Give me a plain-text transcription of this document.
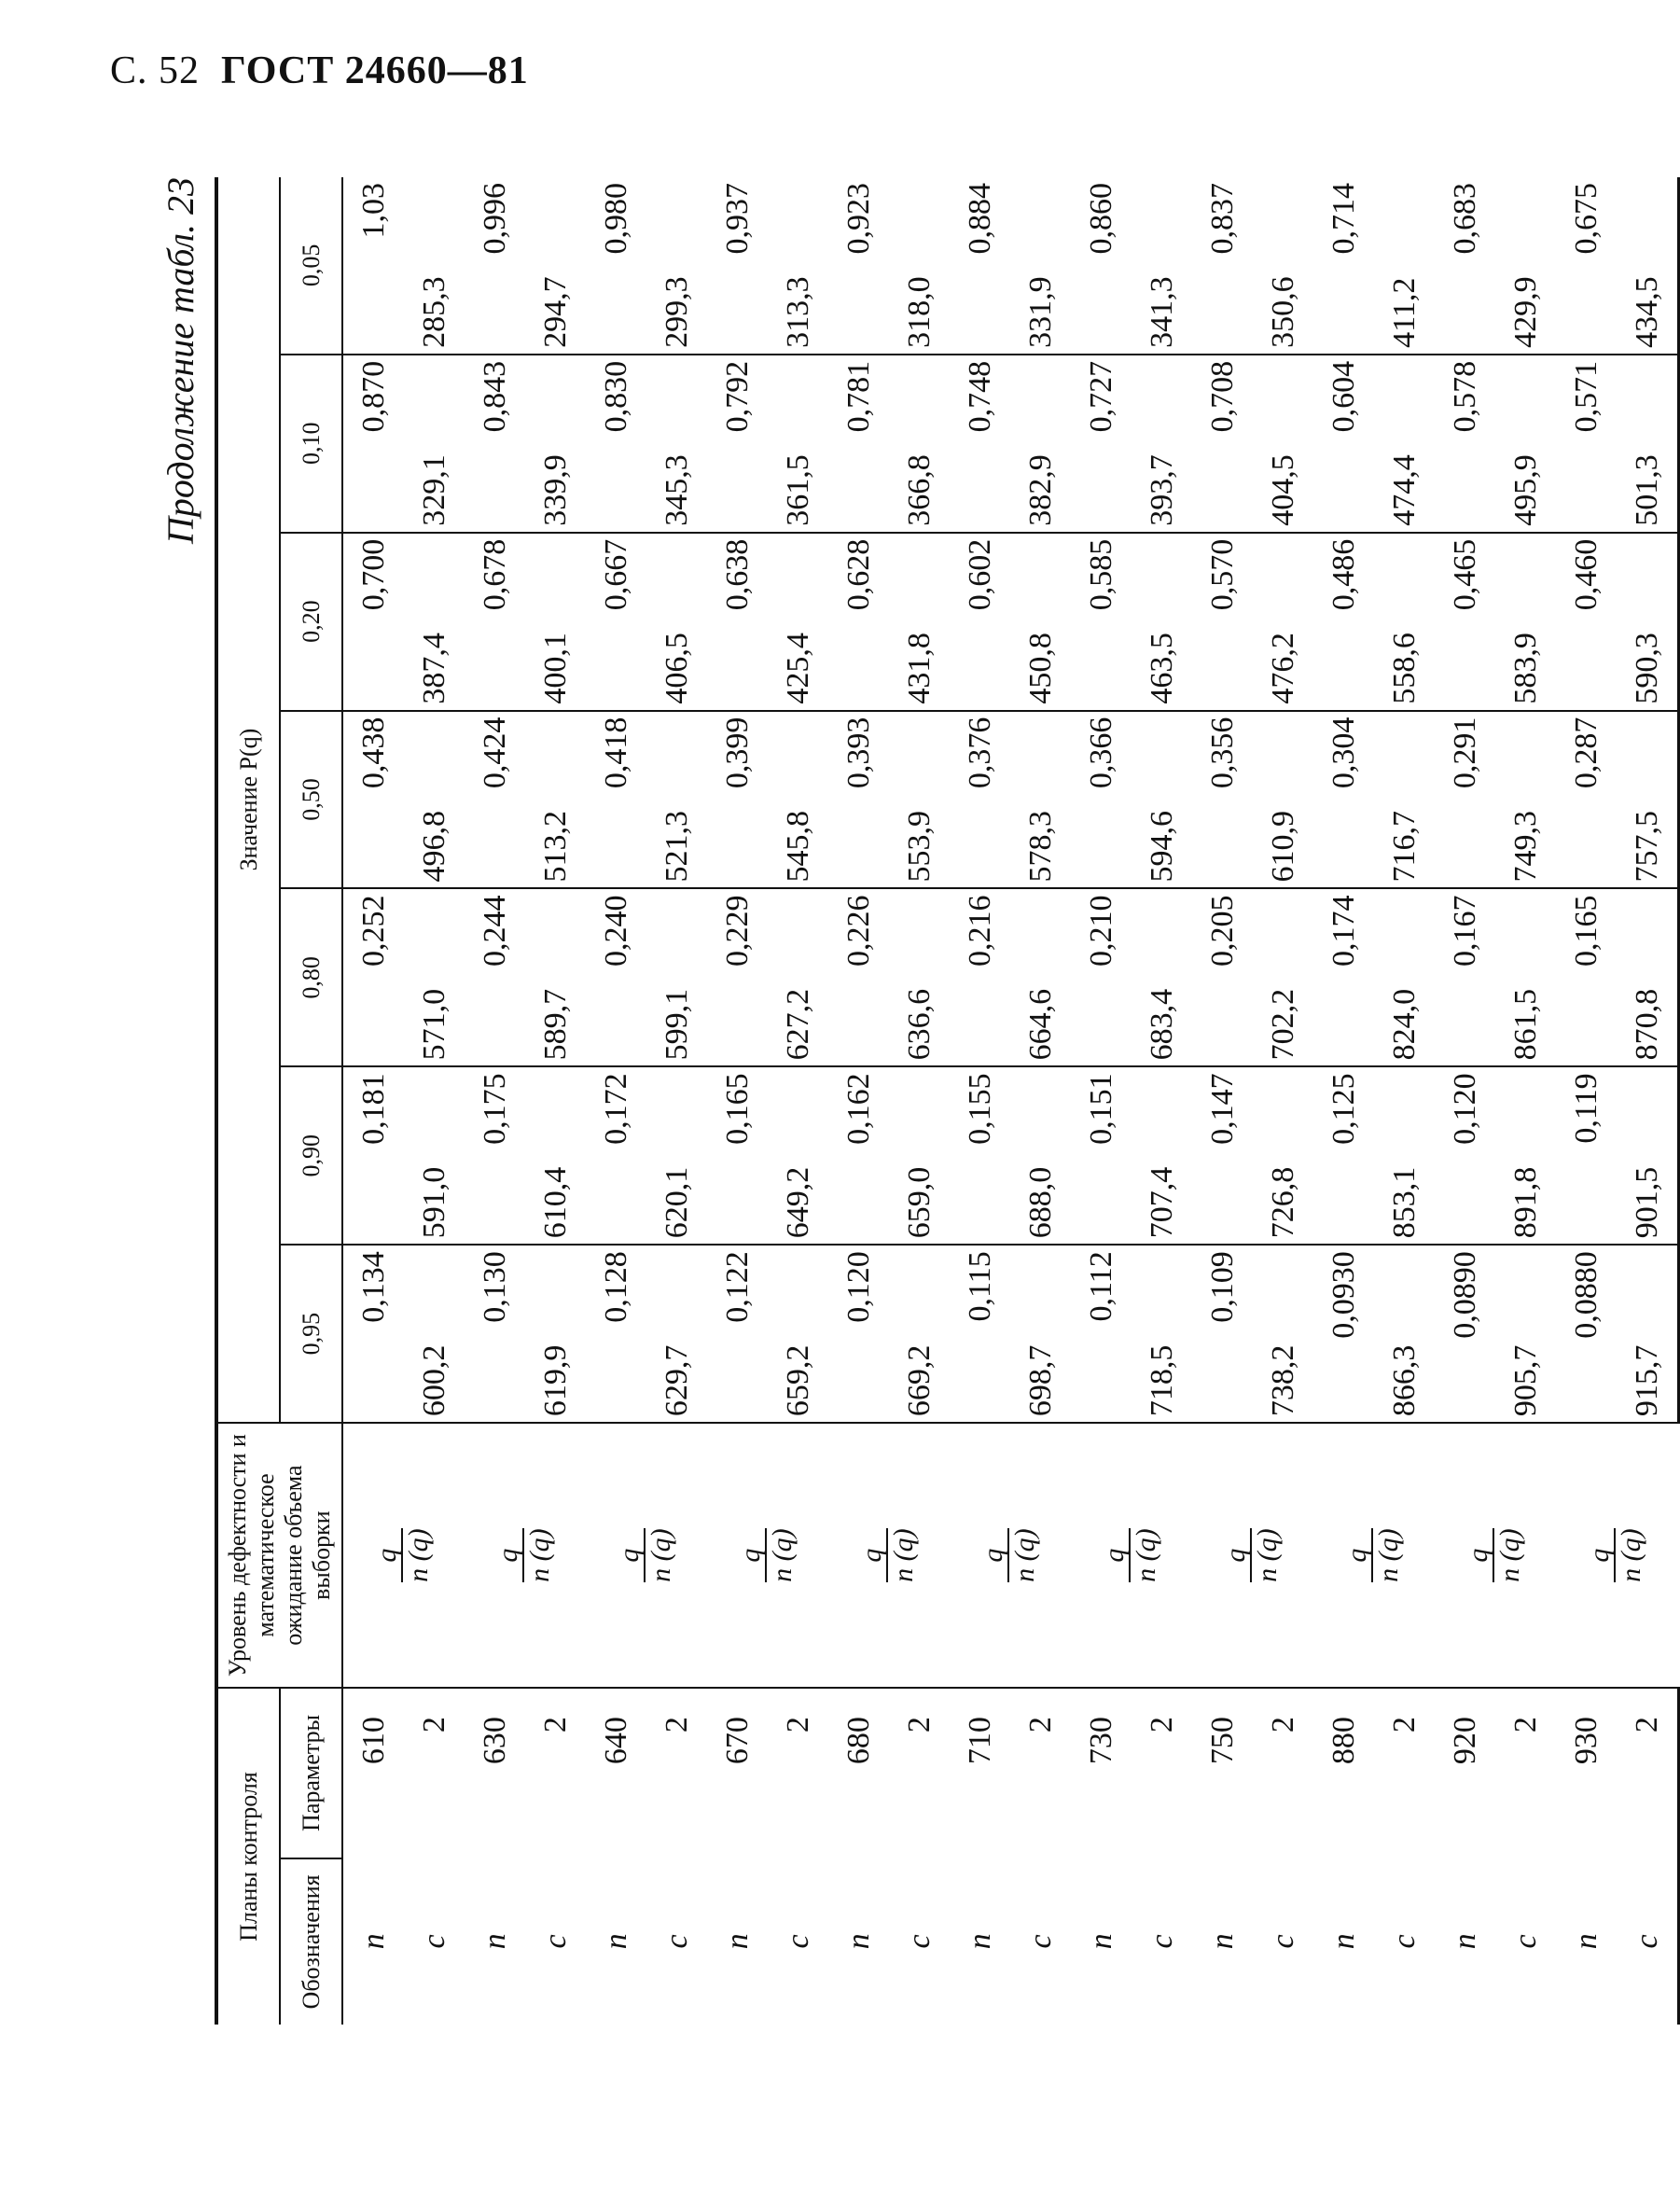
С. 52 ГОСТ 24660—81
Продолжение табл. 23
Планы контроля		Уровень дефектности и математическое ожидание объема выборки	Значение P(q)						
Обозначения	Параметры		0,95	0,90	0,80	0,50	0,20	0,10	0,05
n	610	q n (q)	0,134	0,181	0,252	0,438	0,700	0,870	1,03
c	2		600,2	591,0	571,0	496,8	387,4	329,1	285,3
n	630	q n (q)	0,130	0,175	0,244	0,424	0,678	0,843	0,996
c	2		619,9	610,4	589,7	513,2	400,1	339,9	294,7
n	640	q n (q)	0,128	0,172	0,240	0,418	0,667	0,830	0,980
c	2		629,7	620,1	599,1	521,3	406,5	345,3	299,3
n	670	q n (q)	0,122	0,165	0,229	0,399	0,638	0,792	0,937
c	2		659,2	649,2	627,2	545,8	425,4	361,5	313,3
n	680	q n (q)	0,120	0,162	0,226	0,393	0,628	0,781	0,923
c	2		669,2	659,0	636,6	553,9	431,8	366,8	318,0
n	710	q n (q)	0,115	0,155	0,216	0,376	0,602	0,748	0,884
c	2		698,7	688,0	664,6	578,3	450,8	382,9	331,9
n	730	q n (q)	0,112	0,151	0,210	0,366	0,585	0,727	0,860
c	2		718,5	707,4	683,4	594,6	463,5	393,7	341,3
n	750	q n (q)	0,109	0,147	0,205	0,356	0,570	0,708	0,837
c	2		738,2	726,8	702,2	610,9	476,2	404,5	350,6
n	880	q n (q)	0,0930	0,125	0,174	0,304	0,486	0,604	0,714
c	2		866,3	853,1	824,0	716,7	558,6	474,4	411,2
n	920	q n (q)	0,0890	0,120	0,167	0,291	0,465	0,578	0,683
c	2		905,7	891,8	861,5	749,3	583,9	495,9	429,9
n	930	q n (q)	0,0880	0,119	0,165	0,287	0,460	0,571	0,675
c	2		915,7	901,5	870,8	757,5	590,3	501,3	434,5
